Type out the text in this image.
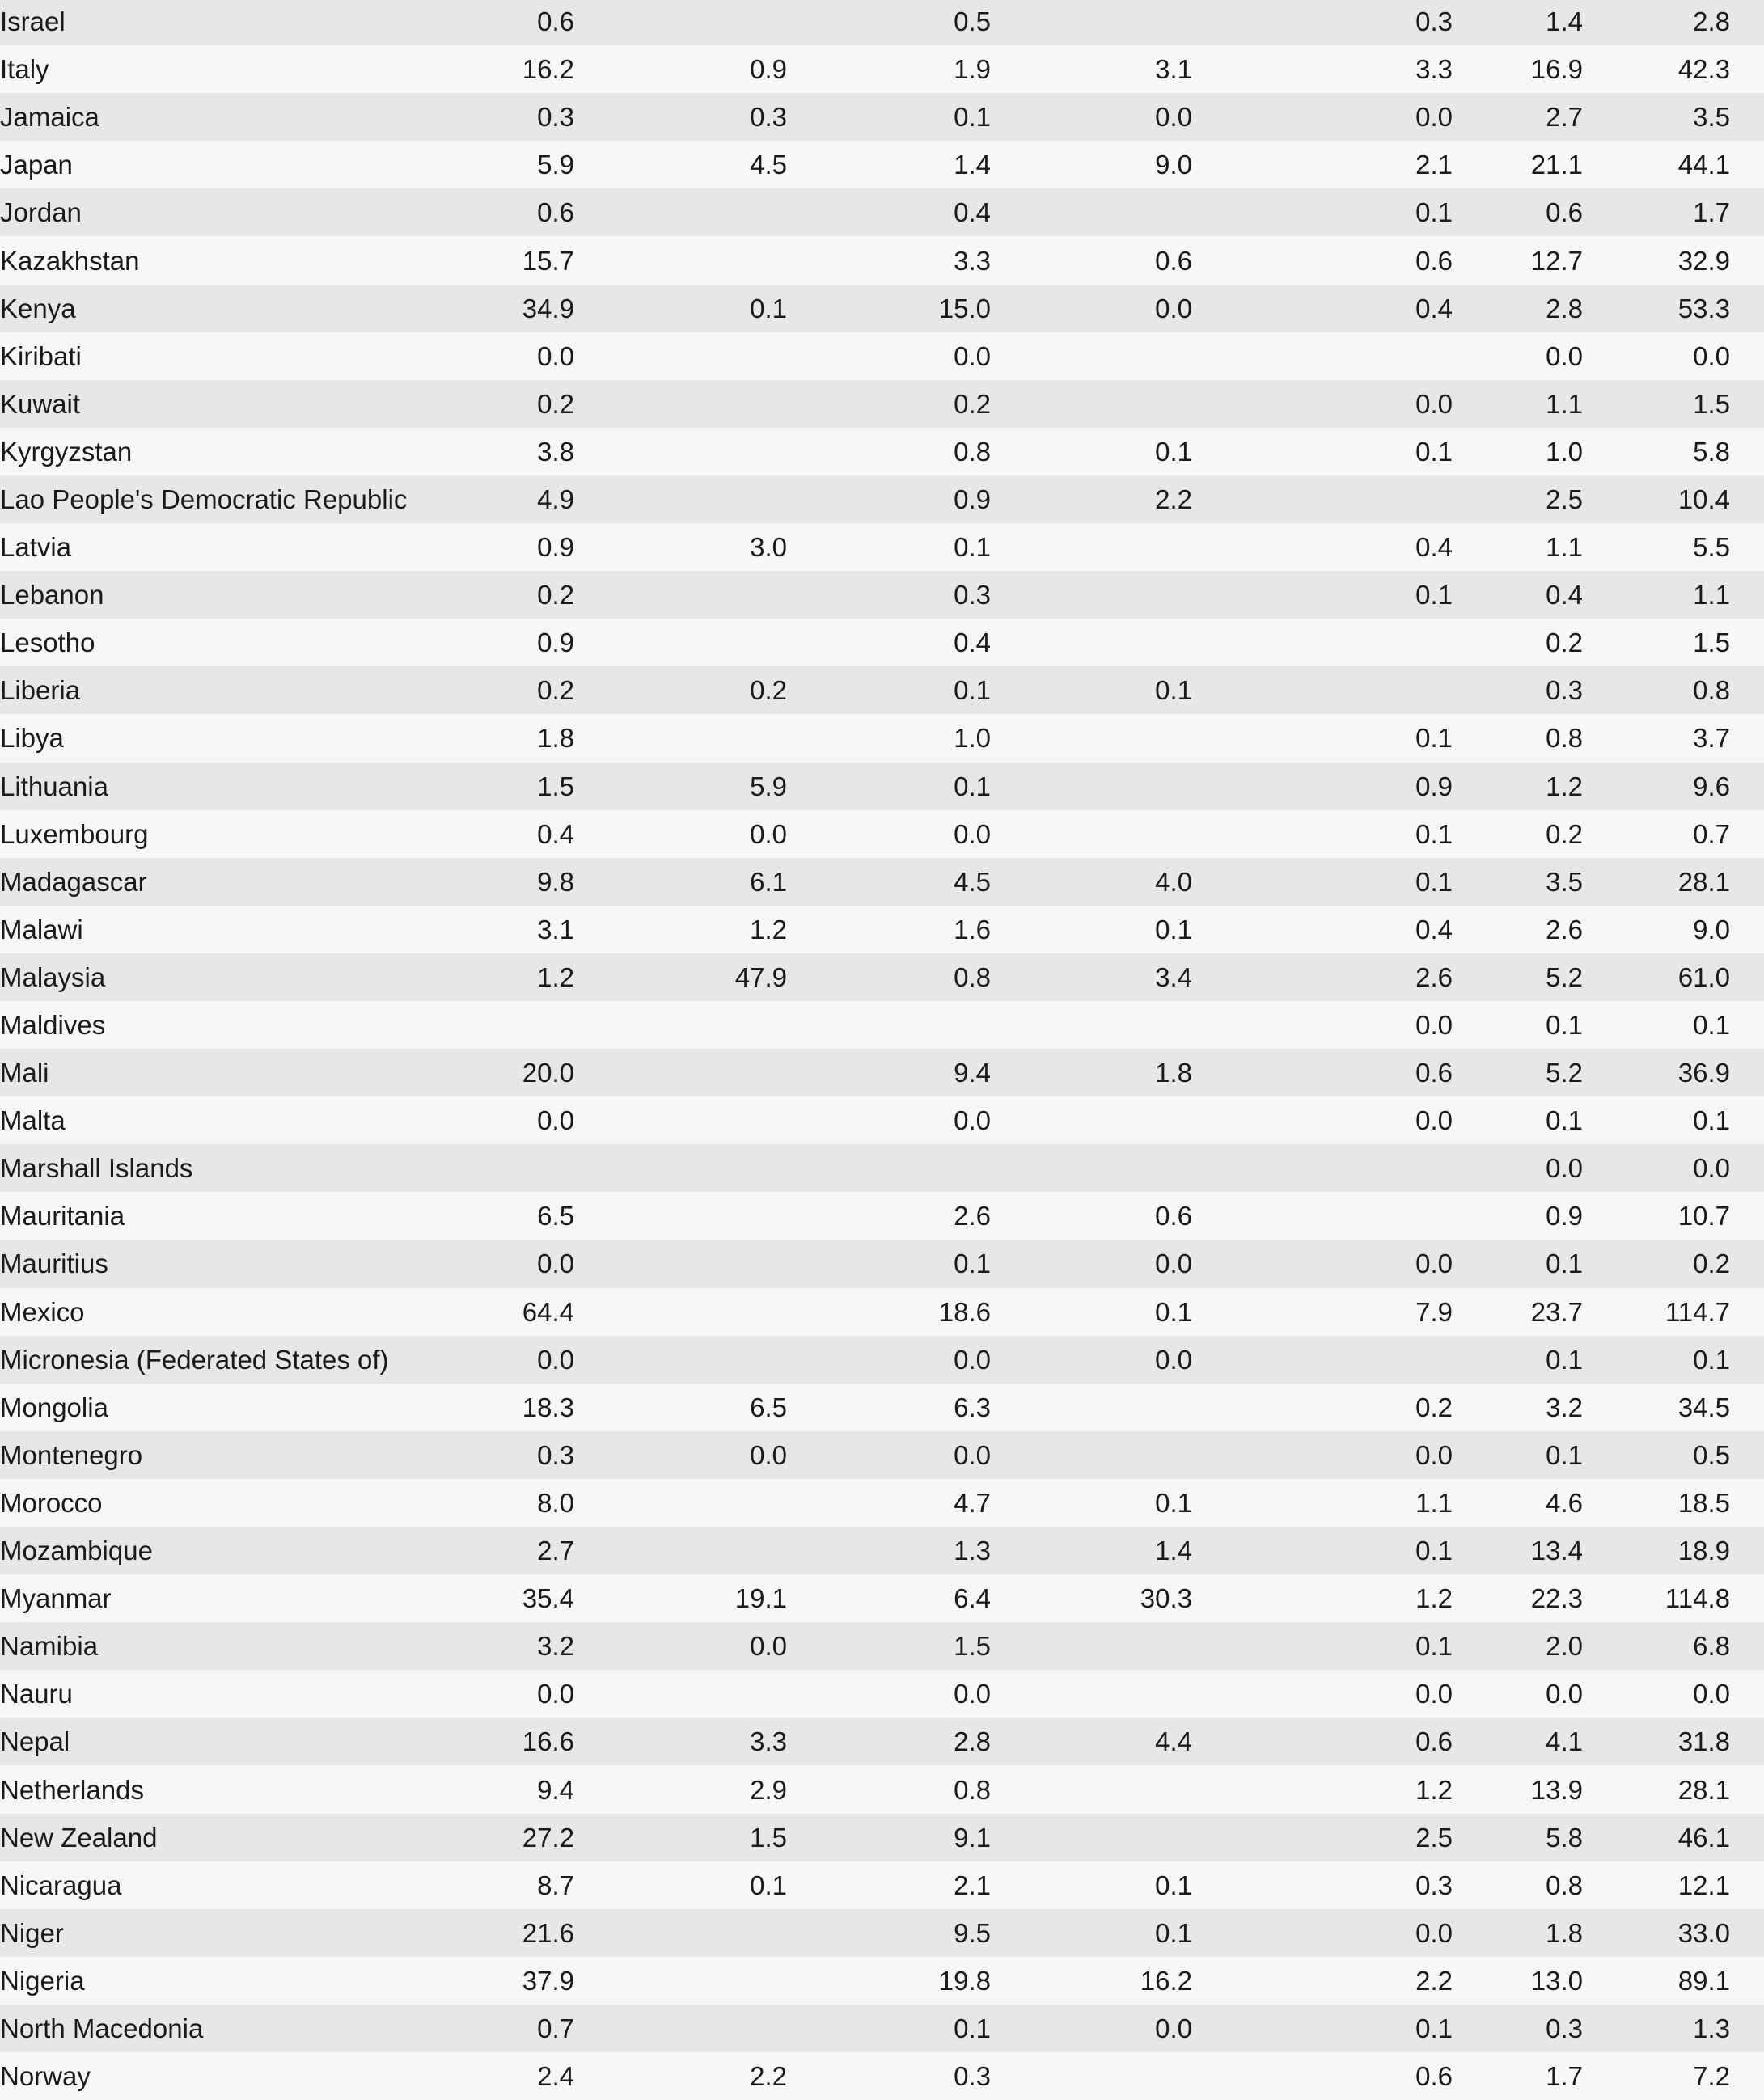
Israel	0.6		0.5		0.3	1.4	2.8	
Italy	16.2	0.9	1.9	3.1	3.3	16.9	42.3	
Jamaica	0.3	0.3	0.1	0.0	0.0	2.7	3.5	
Japan	5.9	4.5	1.4	9.0	2.1	21.1	44.1	
Jordan	0.6		0.4		0.1	0.6	1.7	
Kazakhstan	15.7		3.3	0.6	0.6	12.7	32.9	
Kenya	34.9	0.1	15.0	0.0	0.4	2.8	53.3	
Kiribati	0.0		0.0			0.0	0.0	
Kuwait	0.2		0.2		0.0	1.1	1.5	
Kyrgyzstan	3.8		0.8	0.1	0.1	1.0	5.8	
Lao People's Democratic Republic	4.9		0.9	2.2		2.5	10.4	
Latvia	0.9	3.0	0.1		0.4	1.1	5.5	
Lebanon	0.2		0.3		0.1	0.4	1.1	
Lesotho	0.9		0.4			0.2	1.5	
Liberia	0.2	0.2	0.1	0.1		0.3	0.8	
Libya	1.8		1.0		0.1	0.8	3.7	
Lithuania	1.5	5.9	0.1		0.9	1.2	9.6	
Luxembourg	0.4	0.0	0.0		0.1	0.2	0.7	
Madagascar	9.8	6.1	4.5	4.0	0.1	3.5	28.1	
Malawi	3.1	1.2	1.6	0.1	0.4	2.6	9.0	
Malaysia	1.2	47.9	0.8	3.4	2.6	5.2	61.0	
Maldives					0.0	0.1	0.1	
Mali	20.0		9.4	1.8	0.6	5.2	36.9	
Malta	0.0		0.0		0.0	0.1	0.1	
Marshall Islands						0.0	0.0	
Mauritania	6.5		2.6	0.6		0.9	10.7	
Mauritius	0.0		0.1	0.0	0.0	0.1	0.2	
Mexico	64.4		18.6	0.1	7.9	23.7	114.7	
Micronesia (Federated States of)	0.0		0.0	0.0		0.1	0.1	
Mongolia	18.3	6.5	6.3		0.2	3.2	34.5	
Montenegro	0.3	0.0	0.0		0.0	0.1	0.5	
Morocco	8.0		4.7	0.1	1.1	4.6	18.5	
Mozambique	2.7		1.3	1.4	0.1	13.4	18.9	
Myanmar	35.4	19.1	6.4	30.3	1.2	22.3	114.8	
Namibia	3.2	0.0	1.5		0.1	2.0	6.8	
Nauru	0.0		0.0		0.0	0.0	0.0	
Nepal	16.6	3.3	2.8	4.4	0.6	4.1	31.8	
Netherlands	9.4	2.9	0.8		1.2	13.9	28.1	
New Zealand	27.2	1.5	9.1		2.5	5.8	46.1	
Nicaragua	8.7	0.1	2.1	0.1	0.3	0.8	12.1	
Niger	21.6		9.5	0.1	0.0	1.8	33.0	
Nigeria	37.9		19.8	16.2	2.2	13.0	89.1	
North Macedonia	0.7		0.1	0.0	0.1	0.3	1.3	
Norway	2.4	2.2	0.3		0.6	1.7	7.2	
